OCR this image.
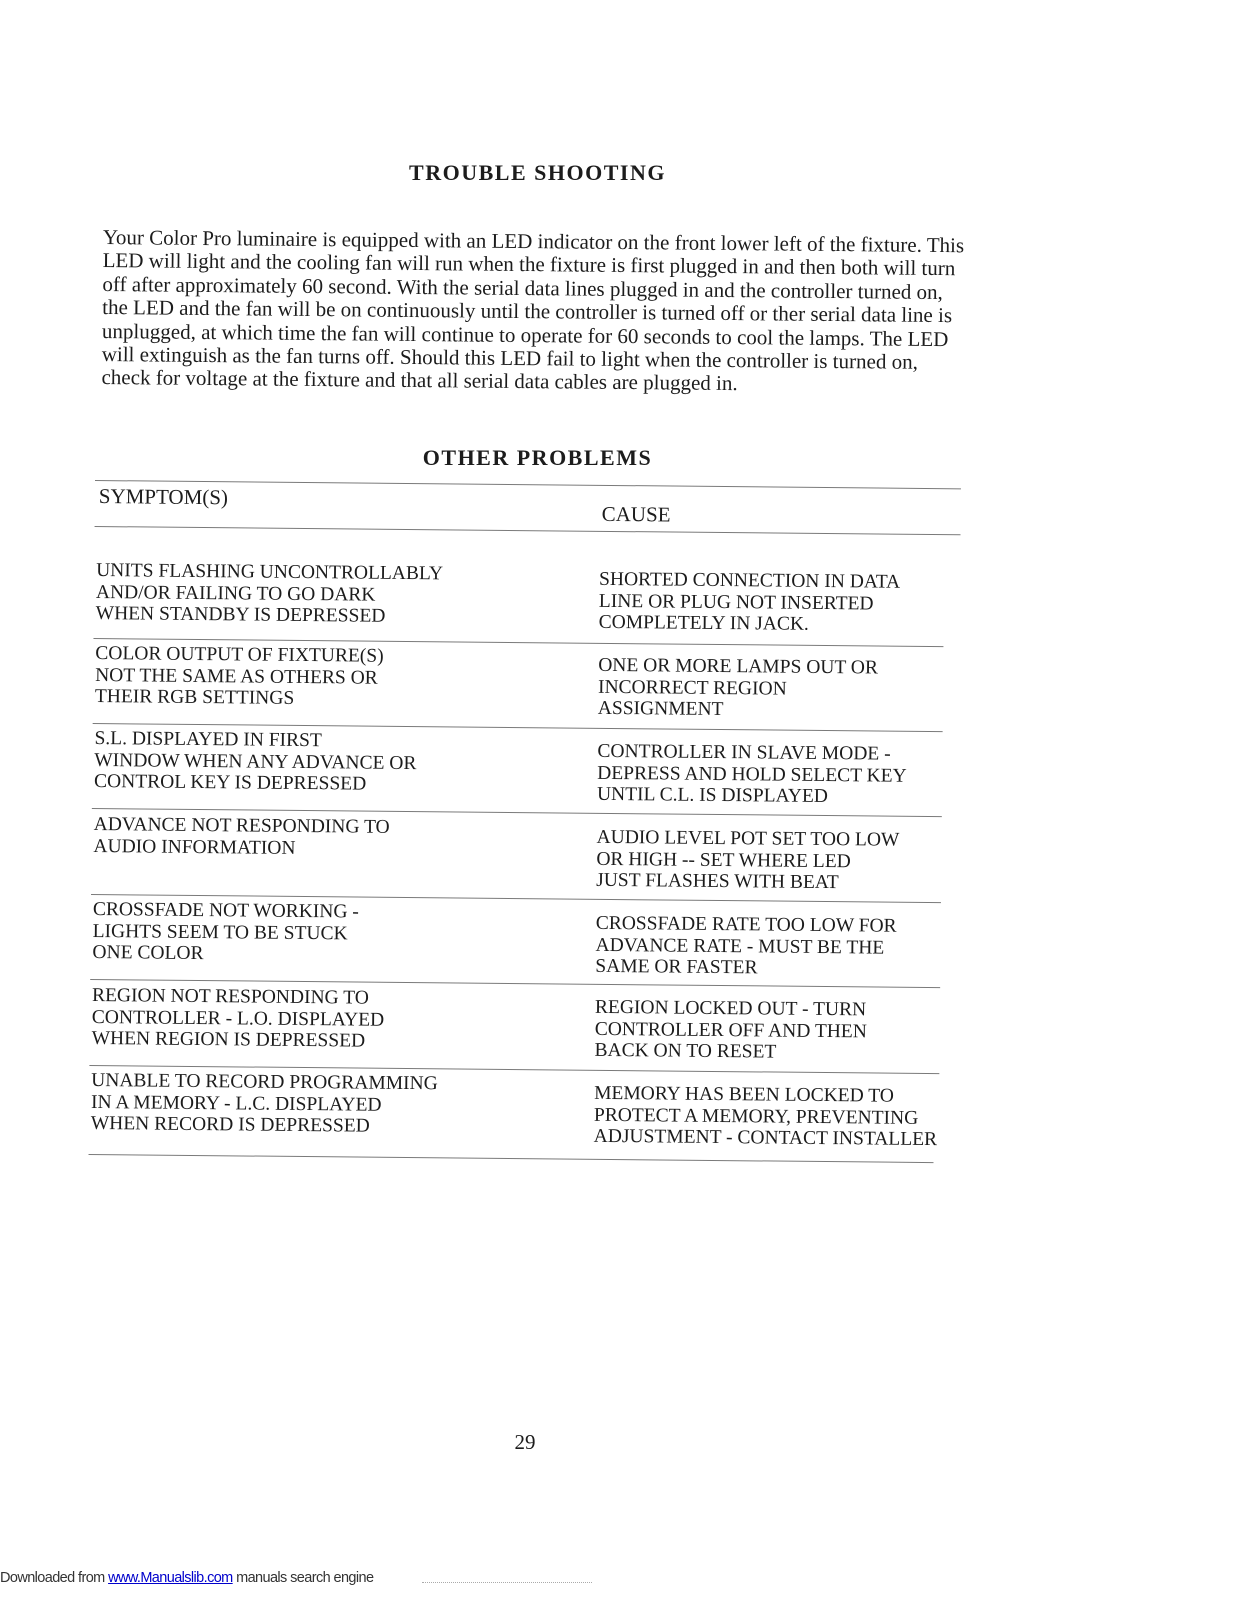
TROUBLE SHOOTING

Your Color Pro luminaire is equipped with an LED indicator on the front lower left of the fixture. This LED will light and the cooling fan will run when the fixture is first plugged in and then both will turn off after approximately 60 second. With the serial data lines plugged in and the controller turned on, the LED and the fan will be on continuously until the controller is turned off or ther serial data line is unplugged, at which time the fan will continue to operate for 60 seconds to cool the lamps. The LED will extinguish as the fan turns off. Should this LED fail to light when the controller is turned on, check for voltage at the fixture and that all serial data cables are plugged in.

OTHER PROBLEMS

SYMPTOM(S)

CAUSE

UNITS FLASHING UNCONTROLLABLY
AND/OR FAILING TO GO DARK
WHEN STANDBY IS DEPRESSED

SHORTED CONNECTION IN DATA
LINE OR PLUG NOT INSERTED
COMPLETELY IN JACK.

COLOR OUTPUT OF FIXTURE(S)
NOT THE SAME AS OTHERS OR
THEIR RGB SETTINGS

ONE OR MORE LAMPS OUT OR
INCORRECT REGION
ASSIGNMENT

S.L. DISPLAYED IN FIRST
WINDOW WHEN ANY ADVANCE OR
CONTROL KEY IS DEPRESSED

CONTROLLER IN SLAVE MODE -
DEPRESS AND HOLD SELECT KEY
UNTIL C.L. IS DISPLAYED

ADVANCE NOT RESPONDING TO
AUDIO INFORMATION	AUDIO LEVEL POT SET TOO LOW
OR HIGH -- SET WHERE LED
JUST FLASHES WITH BEAT

CROSSFADE NOT WORKING -
LIGHTS SEEM TO BE STUCK
ONE COLOR

CROSSFADE RATE TOO LOW FOR
ADVANCE RATE - MUST BE THE
SAME OR FASTER

REGION NOT RESPONDING TO
CONTROLLER - L.O. DISPLAYED
WHEN REGION IS DEPRESSED

REGION LOCKED OUT - TURN
CONTROLLER OFF AND THEN
BACK ON TO RESET

UNABLE TO RECORD PROGRAMMING
IN A MEMORY - L.C. DISPLAYED
WHEN RECORD IS DEPRESSED

MEMORY HAS BEEN LOCKED TO
PROTECT A MEMORY, PREVENTING
ADJUSTMENT - CONTACT INSTALLER

29

Downloaded from www.Manualslib.com manuals search engine
